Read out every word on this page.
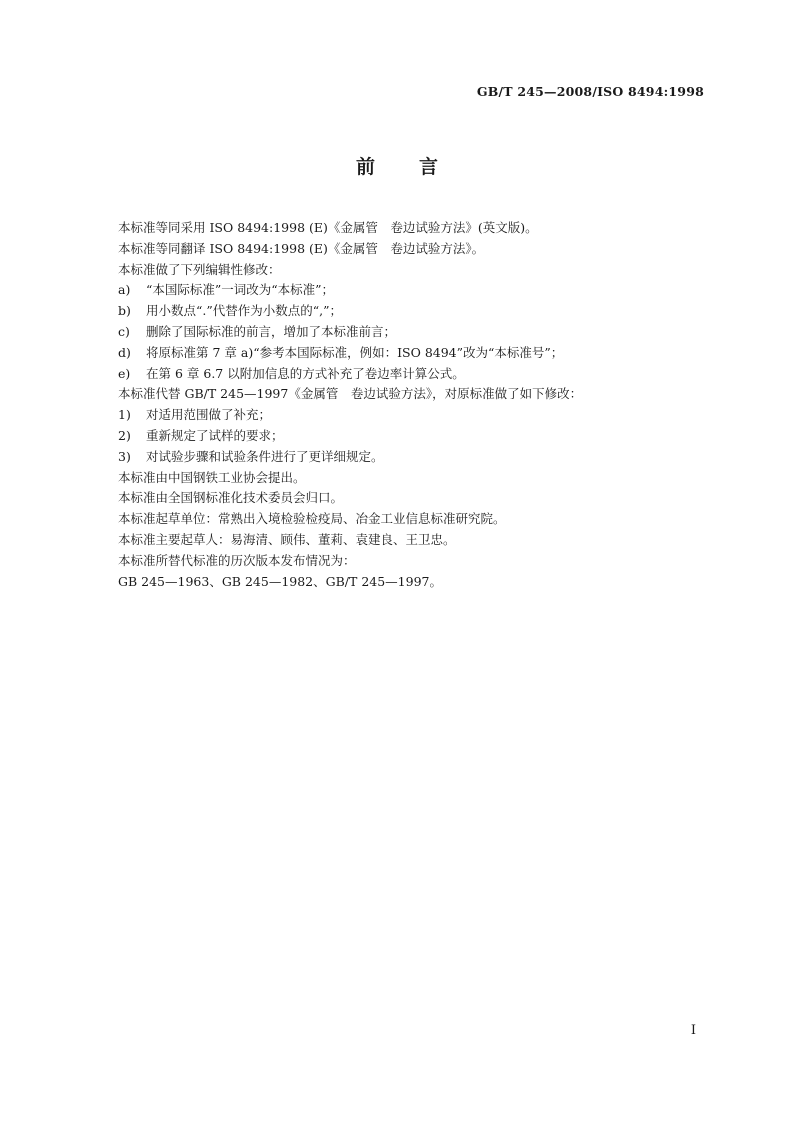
GB/T 245—2008/ISO 8494:1998
前言
本标准等同采用 ISO 8494:1998 (E)《金属管　卷边试验方法》(英文版)。
本标准等同翻译 ISO 8494:1998 (E)《金属管　卷边试验方法》。
本标准做了下列编辑性修改：
a)	“本国际标准”一词改为“本标准”；
b)	用小数点“.”代替作为小数点的“,”；
c)	删除了国际标准的前言，增加了本标准前言；
d)	将原标准第 7 章 a)“参考本国际标准，例如：ISO 8494”改为“本标准号”；
e)	在第 6 章 6.7 以附加信息的方式补充了卷边率计算公式。
本标准代替 GB/T 245—1997《金属管　卷边试验方法》，对原标准做了如下修改：
1)	对适用范围做了补充；
2)	重新规定了试样的要求；
3)	对试验步骤和试验条件进行了更详细规定。
本标准由中国钢铁工业协会提出。
本标准由全国钢标准化技术委员会归口。
本标准起草单位：常熟出入境检验检疫局、冶金工业信息标准研究院。
本标准主要起草人：易海清、顾伟、董莉、袁建良、王卫忠。
本标准所替代标准的历次版本发布情况为：
GB 245—1963、GB 245—1982、GB/T 245—1997。
I
